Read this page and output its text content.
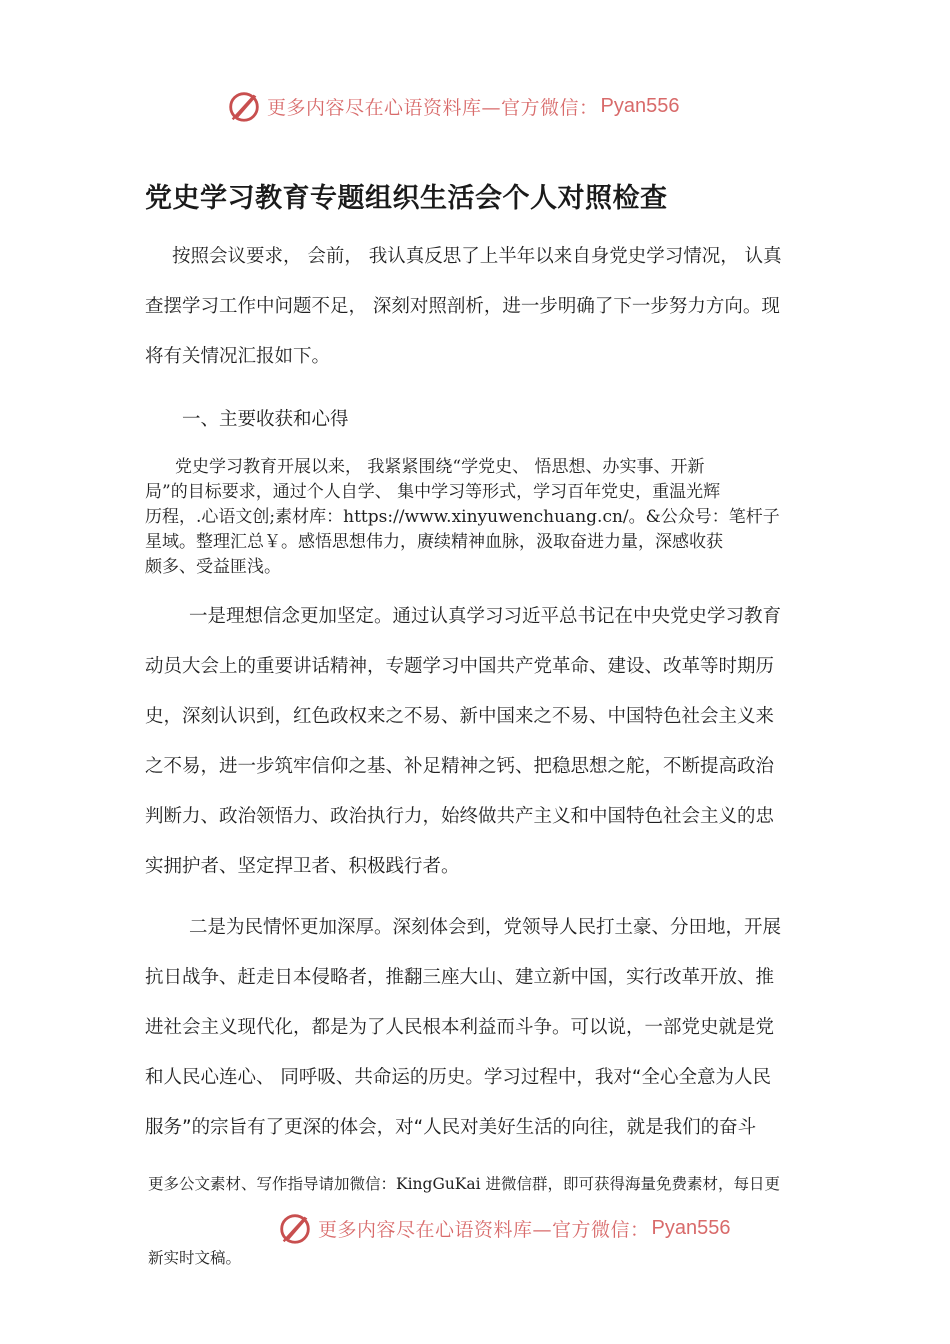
更多内容尽在心语资料库—官方微信： Pyan556
党史学习教育专题组织生活会个人对照检查
按照会议要求， 会前， 我认真反思了上半年以来自身党史学习情况， 认真
查摆学习工作中问题不足， 深刻对照剖析，进一步明确了下一步努力方向。现
将有关情况汇报如下。
一、主要收获和心得
党史学习教育开展以来， 我紧紧围绕“学党史、 悟思想、办实事、开新
局”的目标要求，通过个人自学、 集中学习等形式，学习百年党史，重温光辉
历程，.心语文创;素材库：https://www.xinyuwenchuang.cn/。&公众号：笔杆子
星域。整理汇总￥。感悟思想伟力，赓续精神血脉，汲取奋进力量，深感收获
颇多、受益匪浅。
一是理想信念更加坚定。通过认真学习习近平总书记在中央党史学习教育
动员大会上的重要讲话精神，专题学习中国共产党革命、建设、改革等时期历
史，深刻认识到，红色政权来之不易、新中国来之不易、中国特色社会主义来
之不易，进一步筑牢信仰之基、补足精神之钙、把稳思想之舵，不断提高政治
判断力、政治领悟力、政治执行力，始终做共产主义和中国特色社会主义的忠
实拥护者、坚定捍卫者、积极践行者。
二是为民情怀更加深厚。深刻体会到，党领导人民打土豪、分田地，开展
抗日战争、赶走日本侵略者，推翻三座大山、建立新中国，实行改革开放、推
进社会主义现代化，都是为了人民根本利益而斗争。可以说，一部党史就是党
和人民心连心、 同呼吸、共命运的历史。学习过程中，我对“全心全意为人民
服务”的宗旨有了更深的体会，对“人民对美好生活的向往，就是我们的奋斗
更多公文素材、写作指导请加微信：KingGuKai 进微信群，即可获得海量免费素材，每日更
更多内容尽在心语资料库—官方微信： Pyan556
新实时文稿。
